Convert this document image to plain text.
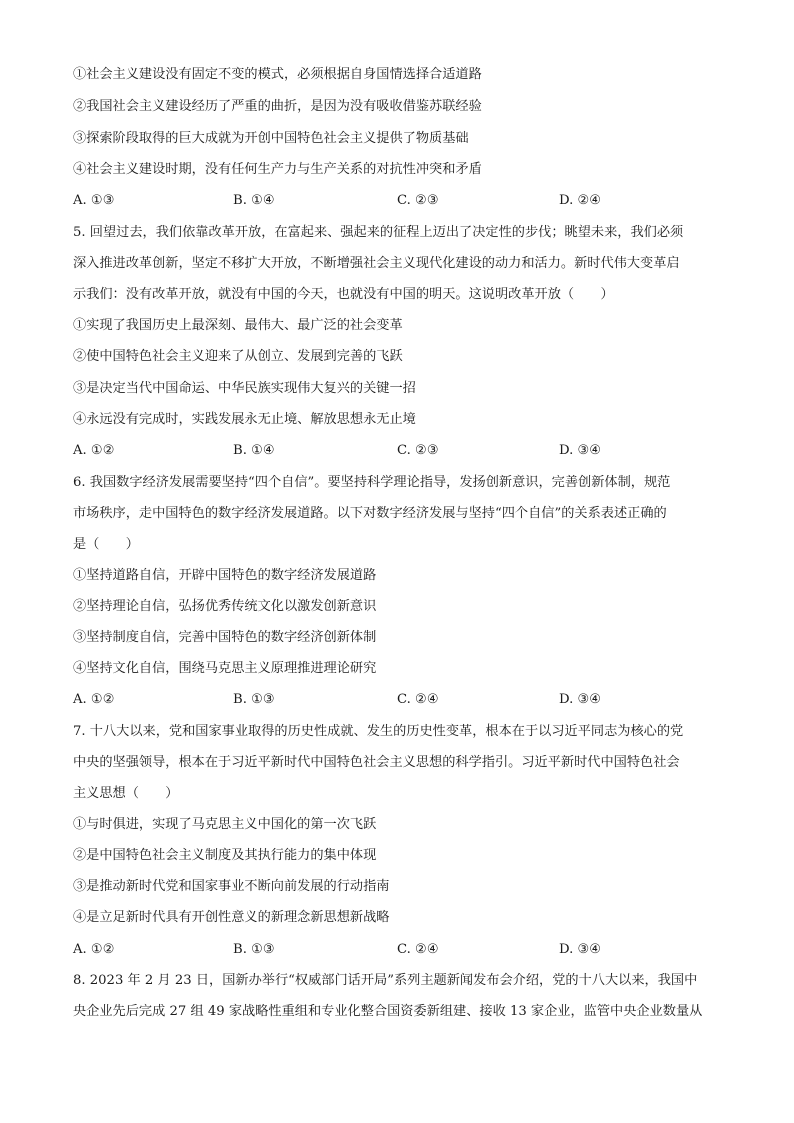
①社会主义建设没有固定不变的模式，必须根据自身国情选择合适道路
②我国社会主义建设经历了严重的曲折，是因为没有吸收借鉴苏联经验
③探索阶段取得的巨大成就为开创中国特色社会主义提供了物质基础
④社会主义建设时期，没有任何生产力与生产关系的对抗性冲突和矛盾
A. ①③	B. ①④	C. ②③	D. ②④
5. 回望过去，我们依靠改革开放，在富起来、强起来的征程上迈出了决定性的步伐；眺望未来，我们必须
深入推进改革创新，坚定不移扩大开放，不断增强社会主义现代化建设的动力和活力。新时代伟大变革启
示我们：没有改革开放，就没有中国的今天，也就没有中国的明天。这说明改革开放（　　）
①实现了我国历史上最深刻、最伟大、最广泛的社会变革
②使中国特色社会主义迎来了从创立、发展到完善的飞跃
③是决定当代中国命运、中华民族实现伟大复兴的关键一招
④永远没有完成时，实践发展永无止境、解放思想永无止境
A. ①②	B. ①④	C. ②③	D. ③④
6. 我国数字经济发展需要坚持“四个自信”。要坚持科学理论指导，发扬创新意识，完善创新体制，规范
市场秩序，走中国特色的数字经济发展道路。以下对数字经济发展与坚持“四个自信”的关系表述正确的
是（　　）
①坚持道路自信，开辟中国特色的数字经济发展道路
②坚持理论自信，弘扬优秀传统文化以激发创新意识
③坚持制度自信，完善中国特色的数字经济创新体制
④坚持文化自信，围绕马克思主义原理推进理论研究
A. ①②	B. ①③	C. ②④	D. ③④
7. 十八大以来，党和国家事业取得的历史性成就、发生的历史性变革，根本在于以习近平同志为核心的党
中央的坚强领导，根本在于习近平新时代中国特色社会主义思想的科学指引。习近平新时代中国特色社会
主义思想（　　）
①与时俱进，实现了马克思主义中国化的第一次飞跃
②是中国特色社会主义制度及其执行能力的集中体现
③是推动新时代党和国家事业不断向前发展的行动指南
④是立足新时代具有开创性意义的新理念新思想新战略
A. ①②	B. ①③	C. ②④	D. ③④
8. 2023 年 2 月 23 日，国新办举行“权威部门话开局”系列主题新闻发布会介绍，党的十八大以来，我国中
央企业先后完成 27 组 49 家战略性重组和专业化整合国资委新组建、接收 13 家企业，监管中央企业数量从
